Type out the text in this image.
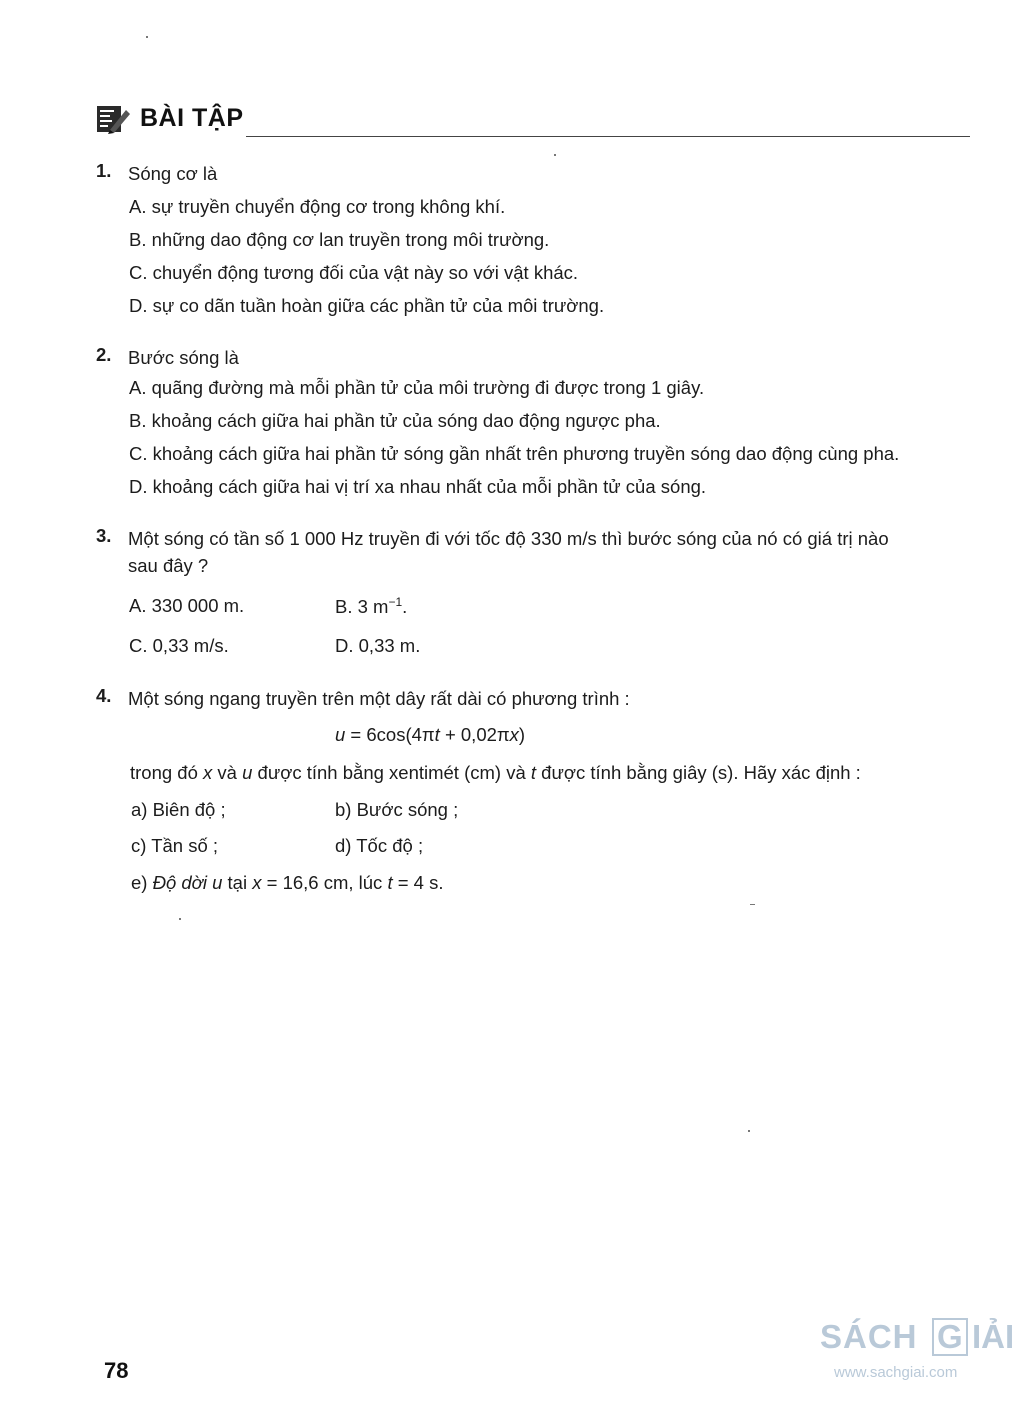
BÀI TẬP
1. Sóng cơ là
A. sự truyền chuyển động cơ trong không khí.
B. những dao động cơ lan truyền trong môi trường.
C. chuyển động tương đối của vật này so với vật khác.
D. sự co dãn tuần hoàn giữa các phần tử của môi trường.
2. Bước sóng là
A. quãng đường mà mỗi phần tử của môi trường đi được trong 1 giây.
B. khoảng cách giữa hai phần tử của sóng dao động ngược pha.
C. khoảng cách giữa hai phần tử sóng gần nhất trên phương truyền sóng dao động cùng pha.
D. khoảng cách giữa hai vị trí xa nhau nhất của mỗi phần tử của sóng.
3. Một sóng có tần số 1 000 Hz truyền đi với tốc độ 330 m/s thì bước sóng của nó có giá trị nào
sau đây ?
A. 330 000 m.	B. 3 $m^{-1}$.
C. 0,33 m/s.	D. 0,33 m.
4. Một sóng ngang truyền trên một dây rất dài có phương trình :
u = 6cos(4πt + 0,02πx)
trong đó x và u được tính bằng xentimét (cm) và t được tính bằng giây (s). Hãy xác định :
a) Biên độ ;	b) Bước sóng ;
c) Tần số ;	d) Tốc độ ;
e) Độ dời u tại x = 16,6 cm, lúc t = 4 s.
78
SÁCH G IẢI
www.sachgiai.com
